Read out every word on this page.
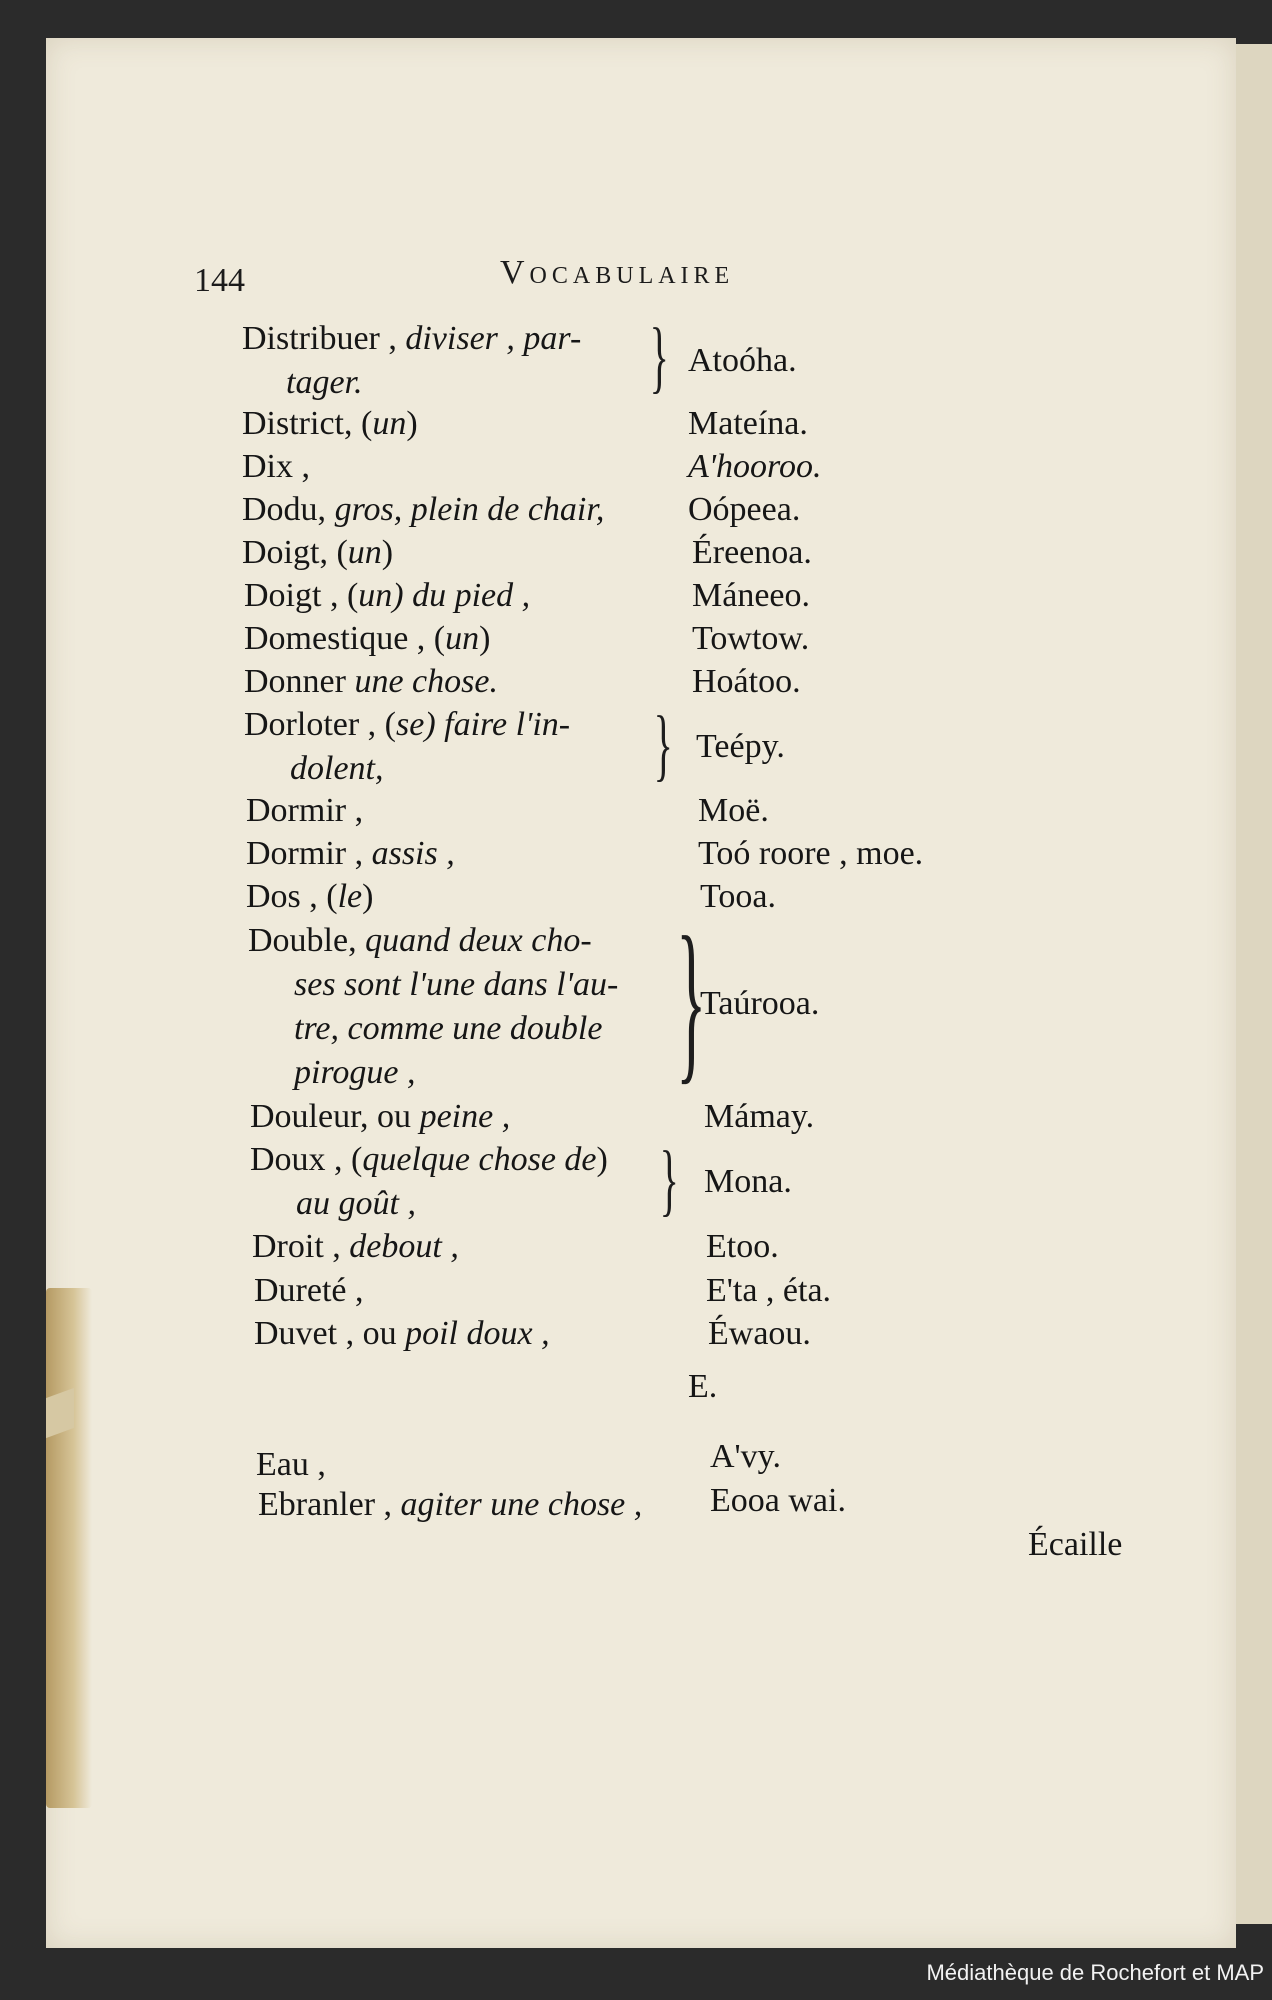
144	Vocabulaire
Distribuer , diviser , par-
tager.	} Atoóha.
District, (un)	Mateína.
Dix ,	A'hooroo.
Dodu, gros, plein de chair, Oópeea.
Doigt, (un)	Éreenoa.
Doigt , (un) du pied ,	Máneeo.
Domestique , (un)	Towtow.
Donner une chose.	Hoátoo.
Dorloter , (se) faire l'in-
dolent,	} Teépy.
Dormir ,	Moë.
Dormir , assis ,	Toó roore , moe.
Dos , (le)	Tooa.
Double, quand deux cho-
ses sont l'une dans l'au-
tre, comme une double
pirogue , }
Taúrooa.
Douleur, ou peine ,	Mámay.
Doux , (quelque chose de)
au goût ,	} Mona.
Droit , debout ,	Etoo.
Dureté ,	E'ta , éta.
Duvet , ou poil doux ,	Éwaou.
E.
Eau ,	A'vy.
Ebranler , agiter une chose , Eooa wai.
Écaille
Médiathèque de Rochefort et MAP
